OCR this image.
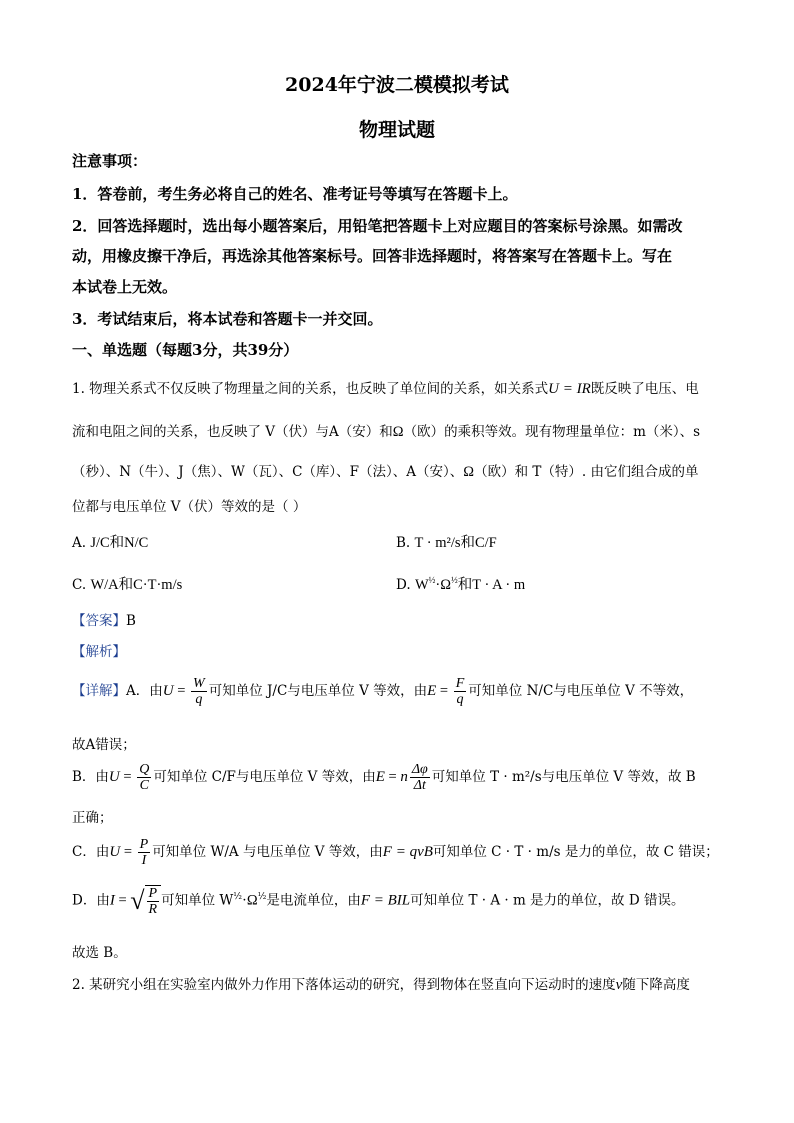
2024年宁波二模模拟考试
物理试题
注意事项：
1．答卷前，考生务必将自己的姓名、准考证号等填写在答题卡上。
2．回答选择题时，选出每小题答案后，用铅笔把答题卡上对应题目的答案标号涂黑。如需改
动，用橡皮擦干净后，再选涂其他答案标号。回答非选择题时，将答案写在答题卡上。写在
本试卷上无效。
3．考试结束后，将本试卷和答题卡一并交回。
一、单选题（每题3分，共39分）
1. 物理关系式不仅反映了物理量之间的关系，也反映了单位间的关系，如关系式U = IR既反映了电压、电
流和电阻之间的关系，也反映了 V（伏）与A（安）和Ω（欧）的乘积等效。现有物理量单位：m（米）、s
（秒）、N（牛）、J（焦）、W（瓦）、C（库）、F（法）、A（安）、Ω（欧）和 T（特）. 由它们组合成的单
位都与电压单位 V（伏）等效的是（ ）
A. J/C和N/C	B. T · m²/s和C/F
C. W/A和C·T·m/s	D. $W^{\frac{1}{2}}\cdot\Omega^{\frac{1}{2}}$和T · A · m
【答案】B
【解析】
【详解】A．由$U = \frac{W}{q}$ 可知单位 J/C与电压单位 V 等效，由$E = \frac{F}{q}$ 可知单位 N/C与电压单位 V 不等效，
故A错误；
B．由$U = \frac{Q}{C}$ 可知单位 C/F与电压单位 V 等效，由E = n $\frac{\Delta\varphi}{\Delta t}$ 可知单位 T · m²/s与电压单位 V 等效，故 B
正确；
C．由$U = \frac{P}{I}$ 可知单位 W/A 与电压单位 V 等效，由F = qvB可知单位 C · T · m/s 是力的单位，故 C 错误；
D．由I = √ $\frac{P}{R}$ 可知单位 $W^{\frac{1}{2}}\cdot\Omega^{\frac{1}{2}}$是电流单位，由F = BIL可知单位 T · A · m 是力的单位，故 D 错误。
故选 B。
2. 某研究小组在实验室内做外力作用下落体运动的研究，得到物体在竖直向下运动时的速度v随下降高度
